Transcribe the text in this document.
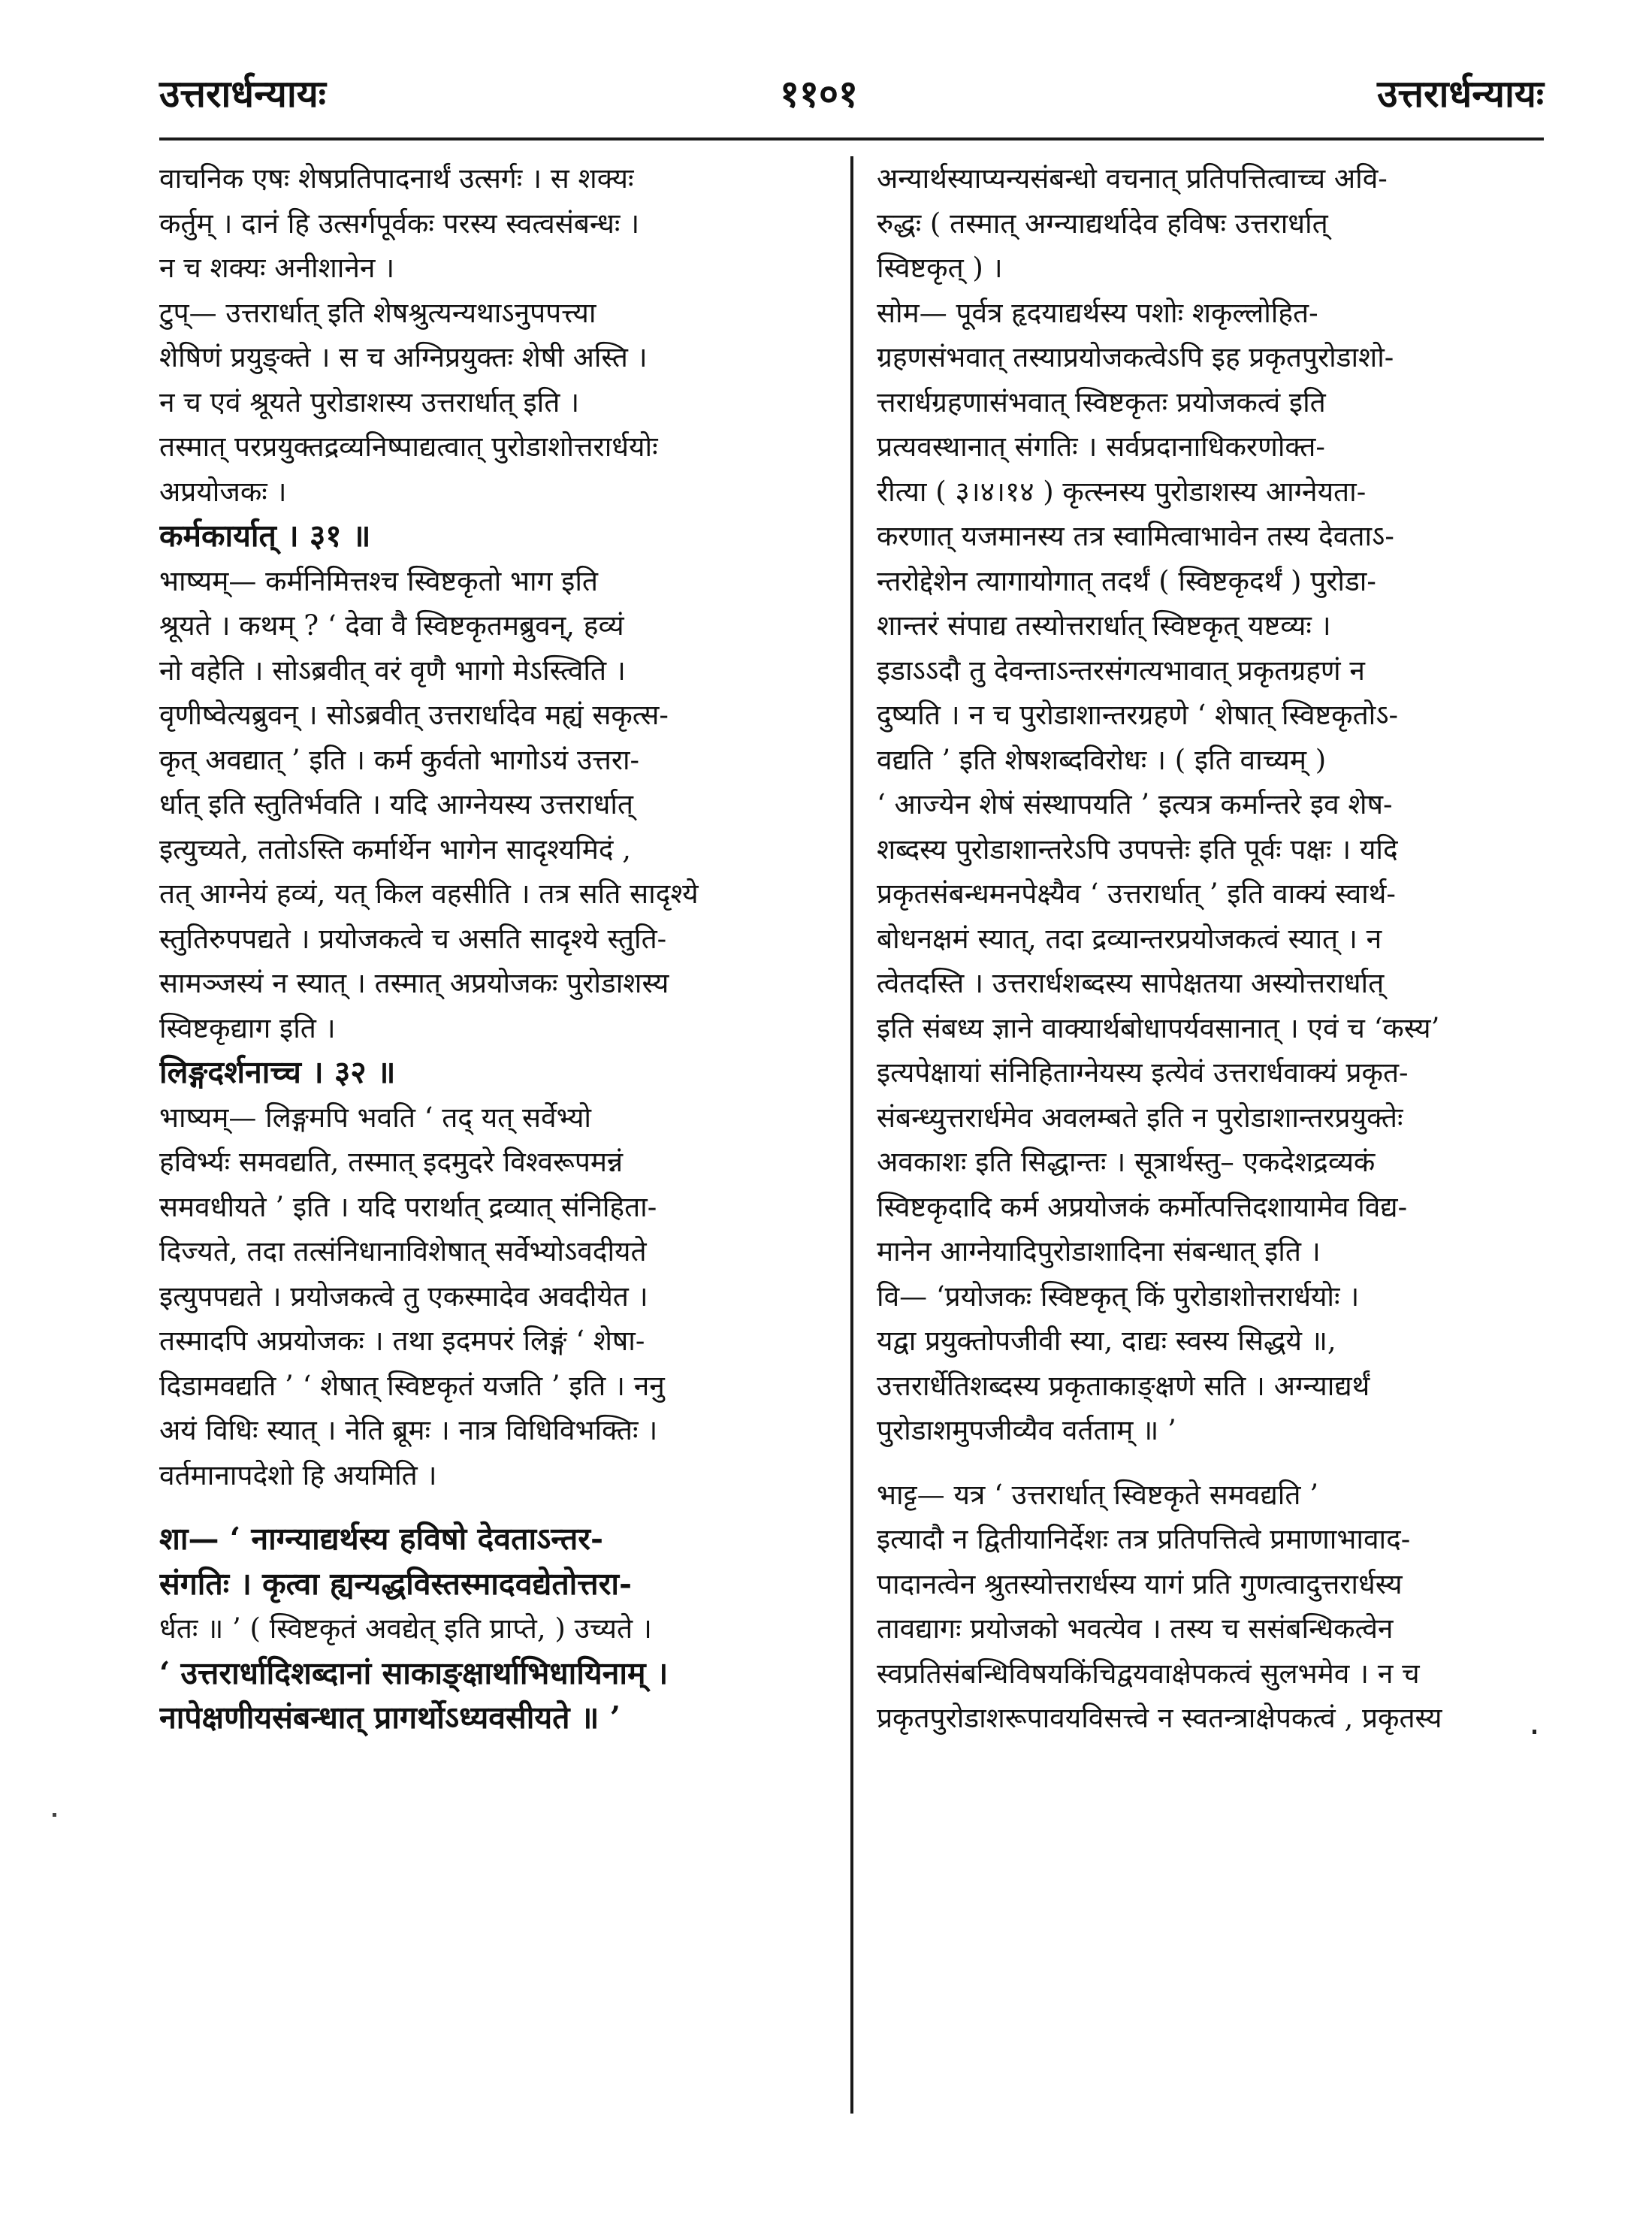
उत्तरार्धन्यायः	११०१	उत्तरार्धन्यायः
वाचनिक एषः शेषप्रतिपादनार्थं उत्सर्गः । स शक्यः
कर्तुम् । दानं हि उत्सर्गपूर्वकः परस्य स्वत्वसंबन्धः ।
न च शक्यः अनीशानेन ।
टुप्— उत्तरार्धात् इति शेषश्रुत्यन्यथाऽनुपपत्त्या
शेषिणं प्रयुङ्क्ते । स च अग्निप्रयुक्तः शेषी अस्ति ।
न च एवं श्रूयते पुरोडाशस्य उत्तरार्धात् इति ।
तस्मात् परप्रयुक्तद्रव्यनिष्पाद्यत्वात् पुरोडाशोत्तरार्धयोः
अप्रयोजकः ।
कर्मकार्यात् । ३१ ॥
भाष्यम्— कर्मनिमित्तश्च स्विष्टकृतो भाग इति
श्रूयते । कथम् ? ‘ देवा वै स्विष्टकृतमब्रुवन्, हव्यं
नो वहेति । सोऽब्रवीत् वरं वृणै भागो मेऽस्त्विति ।
वृणीष्वेत्यब्रुवन् । सोऽब्रवीत् उत्तरार्धादेव मह्यं सकृत्स-
कृत् अवद्यात् ’ इति । कर्म कुर्वतो भागोऽयं उत्तरा-
र्धात् इति स्तुतिर्भवति । यदि आग्नेयस्य उत्तरार्धात्
इत्युच्यते, ततोऽस्ति कर्मार्थेन भागेन सादृश्यमिदं ,
तत् आग्नेयं हव्यं, यत् किल वहसीति । तत्र सति सादृश्ये
स्तुतिरुपपद्यते । प्रयोजकत्वे च असति सादृश्ये स्तुति-
सामञ्जस्यं न स्यात् । तस्मात् अप्रयोजकः पुरोडाशस्य
स्विष्टकृद्याग इति ।
लिङ्गदर्शनाच्च । ३२ ॥
भाष्यम्— लिङ्गमपि भवति ‘ तद् यत् सर्वेभ्यो
हविर्भ्यः समवद्यति, तस्मात् इदमुदरे विश्वरूपमन्नं
समवधीयते ’ इति । यदि परार्थात् द्रव्यात् संनिहिता-
दिज्यते, तदा तत्संनिधानाविशेषात् सर्वेभ्योऽवदीयते
इत्युपपद्यते । प्रयोजकत्वे तु एकस्मादेव अवदीयेत ।
तस्मादपि अप्रयोजकः । तथा इदमपरं लिङ्गं ‘ शेषा-
दिडामवद्यति ’ ‘ शेषात् स्विष्टकृतं यजति ’ इति । ननु
अयं विधिः स्यात् । नेति ब्रूमः । नात्र विधिविभक्तिः ।
वर्तमानापदेशो हि अयमिति ।
शा— ‘ नाग्न्याद्यर्थस्य हविषो देवताऽन्तर-
संगतिः । कृत्वा ह्यन्यद्धविस्तस्मादवद्येतोत्तरा-
र्धतः ॥ ’ ( स्विष्टकृतं अवद्येत् इति प्राप्ते, ) उच्यते ।
‘ उत्तरार्धादिशब्दानां साकाङ्क्षार्थाभिधायिनाम् ।
नापेक्षणीयसंबन्धात् प्रागर्थोऽध्यवसीयते ॥ ’
अन्यार्थस्याप्यन्यसंबन्धो वचनात् प्रतिपत्तित्वाच्च अवि-
रुद्धः ( तस्मात् अग्न्याद्यर्थादेव हविषः उत्तरार्धात्
स्विष्टकृत् ) ।
सोम— पूर्वत्र हृदयाद्यर्थस्य पशोः शकृल्लोहित-
ग्रहणसंभवात् तस्याप्रयोजकत्वेऽपि इह प्रकृतपुरोडाशो-
त्तरार्धग्रहणासंभवात् स्विष्टकृतः प्रयोजकत्वं इति
प्रत्यवस्थानात् संगतिः । सर्वप्रदानाधिकरणोक्त-
रीत्या ( ३।४।१४ ) कृत्स्नस्य पुरोडाशस्य आग्नेयता-
करणात् यजमानस्य तत्र स्वामित्वाभावेन तस्य देवताऽ-
न्तरोद्देशेन त्यागायोगात् तदर्थं ( स्विष्टकृदर्थं ) पुरोडा-
शान्तरं संपाद्य तस्योत्तरार्धात् स्विष्टकृत् यष्टव्यः ।
इडाऽऽदौ तु देवन्ताऽन्तरसंगत्यभावात् प्रकृतग्रहणं न
दुष्यति । न च पुरोडाशान्तरग्रहणे ‘ शेषात् स्विष्टकृतोऽ-
वद्यति ’ इति शेषशब्दविरोधः । ( इति वाच्यम् )
‘ आज्येन शेषं संस्थापयति ’ इत्यत्र कर्मान्तरे इव शेष-
शब्दस्य पुरोडाशान्तरेऽपि उपपत्तेः इति पूर्वः पक्षः । यदि
प्रकृतसंबन्धमनपेक्ष्यैव ‘ उत्तरार्धात् ’ इति वाक्यं स्वार्थ-
बोधनक्षमं स्यात्, तदा द्रव्यान्तरप्रयोजकत्वं स्यात् । न
त्वेतदस्ति । उत्तरार्धशब्दस्य सापेक्षतया अस्योत्तरार्धात्
इति संबध्य ज्ञाने वाक्यार्थबोधापर्यवसानात् । एवं च ‘कस्य’
इत्यपेक्षायां संनिहिताग्नेयस्य इत्येवं उत्तरार्धवाक्यं प्रकृत-
संबन्ध्युत्तरार्धमेव अवलम्बते इति न पुरोडाशान्तरप्रयुक्तेः
अवकाशः इति सिद्धान्तः । सूत्रार्थस्तु– एकदेशद्रव्यकं
स्विष्टकृदादि कर्म अप्रयोजकं कर्मोत्पत्तिदशायामेव विद्य-
मानेन आग्नेयादिपुरोडाशादिना संबन्धात् इति ।
वि— ‘प्रयोजकः स्विष्टकृत् किं पुरोडाशोत्तरार्धयोः ।
यद्वा प्रयुक्तोपजीवी स्या, दाद्यः स्वस्य सिद्धये ॥,
उत्तरार्धेतिशब्दस्य प्रकृताकाङ्क्षणे सति । अग्न्याद्यर्थं
पुरोडाशमुपजीव्यैव वर्तताम् ॥ ’
भाट्ट— यत्र ‘ उत्तरार्धात् स्विष्टकृते समवद्यति ’
इत्यादौ न द्वितीयानिर्देशः तत्र प्रतिपत्तित्वे प्रमाणाभावाद-
पादानत्वेन श्रुतस्योत्तरार्धस्य यागं प्रति गुणत्वादुत्तरार्धस्य
तावद्यागः प्रयोजको भवत्येव । तस्य च ससंबन्धिकत्वेन
स्वप्रतिसंबन्धिविषयकिंचिद्वयवाक्षेपकत्वं सुलभमेव । न च
प्रकृतपुरोडाशरूपावयविसत्त्वे न स्वतन्त्राक्षेपकत्वं , प्रकृतस्य
